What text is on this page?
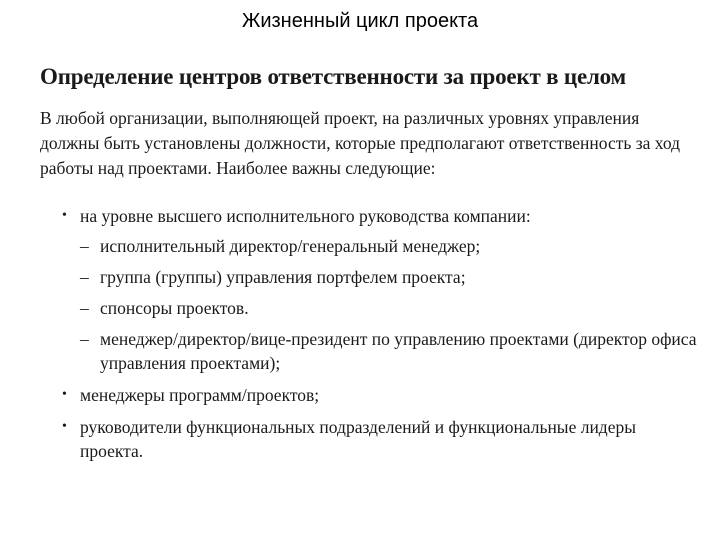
Жизненный цикл проекта
Определение центров ответственности за проект в целом
В любой организации, выполняющей проект, на различных уровнях управления должны быть установлены должности, которые предполагают ответственность за ход работы над проектами. Наиболее важны следующие:
• на уровне высшего исполнительного руководства компании:
– исполнительный директор/генеральный менеджер;
– группа (группы) управления портфелем проекта;
– спонсоры проектов.
– менеджер/директор/вице-президент по управлению проектами (директор офиса управления проектами);
• менеджеры программ/проектов;
• руководители функциональных подразделений и функциональные лидеры проекта.
